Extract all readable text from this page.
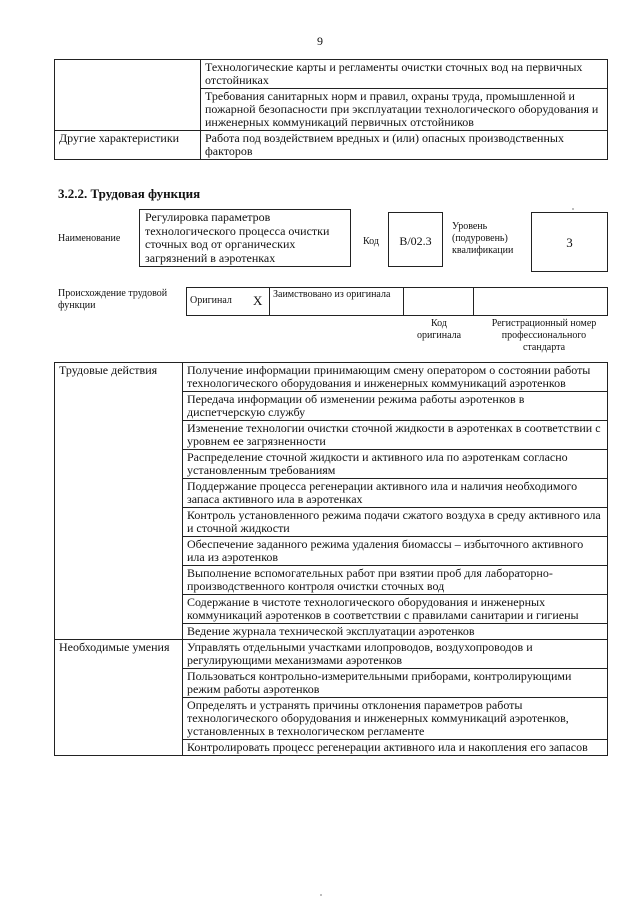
9
	Технологические карты и регламенты очистки сточных вод на первичных отстойниках
	Требования санитарных норм и правил, охраны труда, промышленной и пожарной безопасности при эксплуатации технологического оборудования и инженерных коммуникаций первичных отстойников
Другие характеристики	Работа под воздействием вредных и (или) опасных производственных факторов
3.2.2. Трудовая функция
Наименование
Регулировка параметров технологического процесса очистки сточных вод от органических загрязнений в аэротенках
Код	B/02.3
Уровень (подуровень) квалификации
3
Происхождение трудовой функции	Оригинал X Заимствовано из оригинала
Код оригинала
Регистрационный номер профессионального стандарта
Трудовые действия	Получение информации принимающим смену оператором о состоянии работы технологического оборудования и инженерных коммуникаций аэротенков
	Передача информации об изменении режима работы аэротенков в диспетчерскую службу
	Изменение технологии очистки сточной жидкости в аэротенках в соответствии с уровнем ее загрязненности
	Распределение сточной жидкости и активного ила по аэротенкам согласно установленным требованиям
	Поддержание процесса регенерации активного ила и наличия необходимого запаса активного ила в аэротенках
	Контроль установленного режима подачи сжатого воздуха в среду активного ила и сточной жидкости
	Обеспечение заданного режима удаления биомассы – избыточного активного ила из аэротенков
	Выполнение вспомогательных работ при взятии проб для лабораторно-производственного контроля очистки сточных вод
	Содержание в чистоте технологического оборудования и инженерных коммуникаций аэротенков в соответствии с правилами санитарии и гигиены
	Ведение журнала технической эксплуатации аэротенков
Необходимые умения	Управлять отдельными участками илопроводов, воздухопроводов и регулирующими механизмами аэротенков
	Пользоваться контрольно-измерительными приборами, контролирующими режим работы аэротенков
	Определять и устранять причины отклонения параметров работы технологического оборудования и инженерных коммуникаций аэротенков, установленных в технологическом регламенте
	Контролировать процесс регенерации активного ила и накопления его запасов
